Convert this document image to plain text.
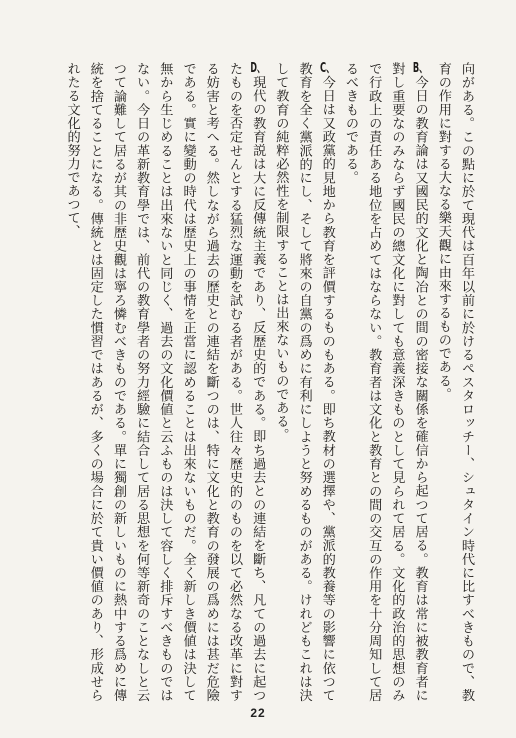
向がある。この點に於て現代は百年以前に於けるペスタロッチー、シュタイン時代に比すべきもので、教育の作用に對する大なる樂天觀に由來するものである。

B、今日の教育論は又國民的文化と陶冶との間の密接な關係を確信から起つて居る。教育は常に被教育者に對し重要なのみならず國民の總文化に對しても意義深きものとして見られて居る。文化的政治的思想のみで行政上の責任ある地位を占めてはならない。教育者は文化と教育との間の交互の作用を十分周知して居るべきものである。

C、今日は又政黨的見地から教育を評價するものもある。即ち教材の選擇や、黨派的教養等の影響に依つて教育を全く黨派的にし、そして將來の自黨の爲めに有利にしようと努めるものがある。けれどもこれは決して教育の純粹必然性を制限することは出來ないものである。

D、現代の教育説は大に反傳統主義であり、反歷史的である。即ち過去との連結を斷ち、凡ての過去に起つたものを否定せんとする猛烈な運動を試むる者がある。世人往々歷史的のものを以て必然なる改革に對する妨害と考へる。然しながら過去の歷史との連結を斷つのは、特に文化と教育の發展の爲めには甚だ危險である。實に變動の時代は歷史上の事情を正當に認めることは出來ないものだ。全く新しき價値は決して無から生じめることは出來ないと同じく、過去の文化價値と云ふものは決して容しく排斥すべきものではない。今日の革新教育學では、前代の教育學者の努力經驗に結合して居る思想を何等新奇のことなしと云つて論難して居るが其の非歷史觀は寧ろ憐むべきものである。單に獨創の新しいものに熱中する爲めに傳統を捨てることになる。傳統とは固定した慣習ではあるが、多くの場合に於て貴い價値のあり、形成せられたる文化的努力であつて、

22
